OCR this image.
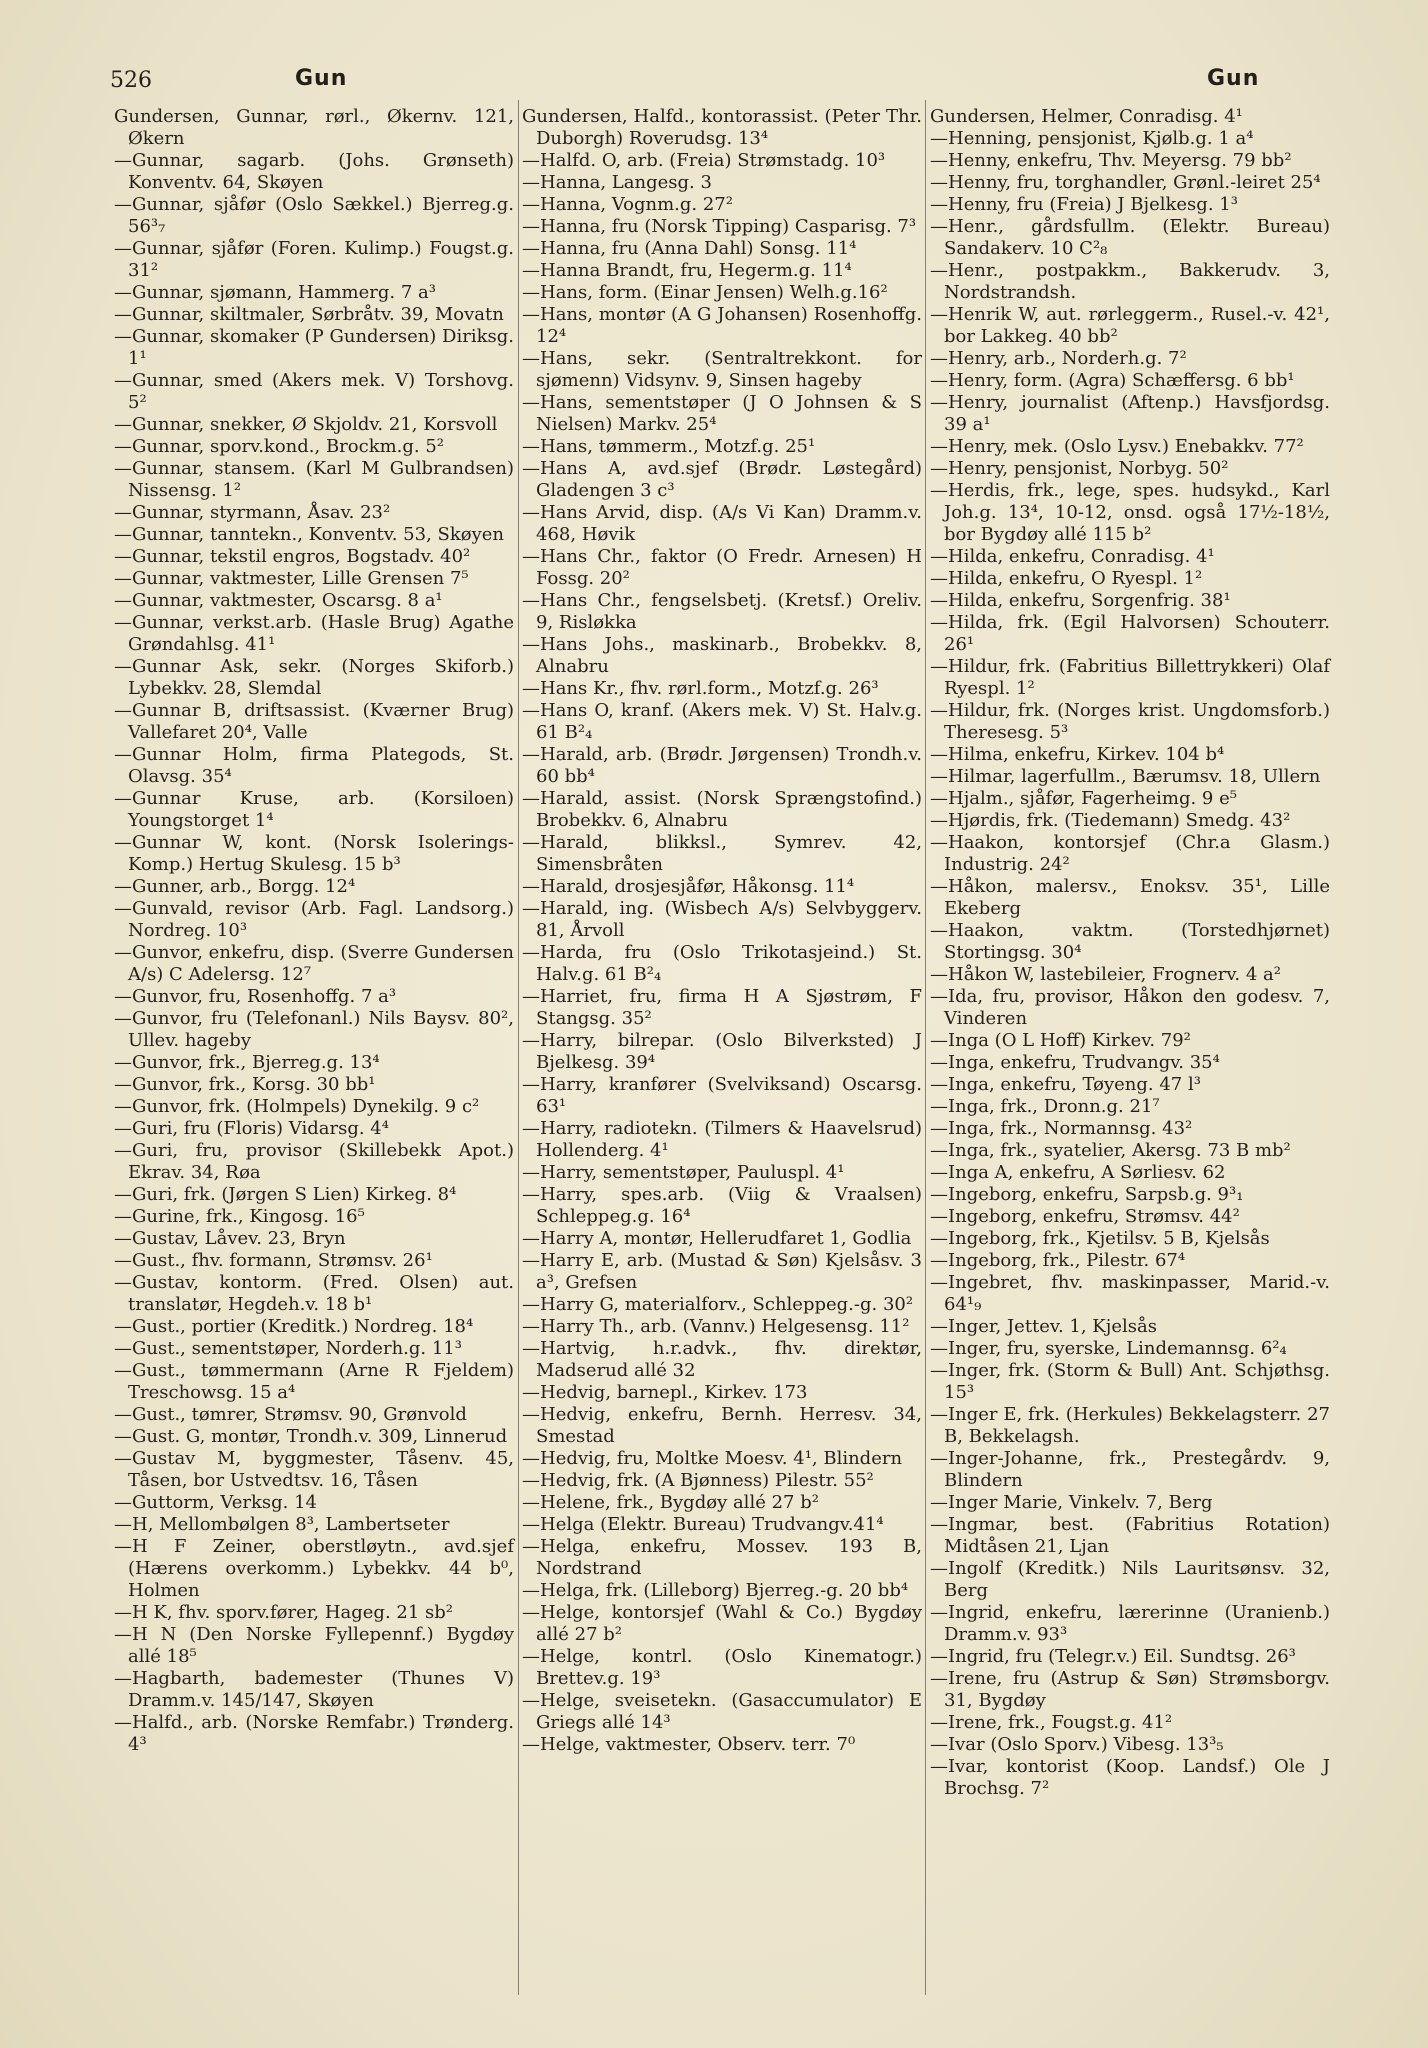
526	Gun	Gun

Gundersen, Gunnar, rørl., Økernv. 121, Økern

—Gunnar, sagarb. (Johs. Grønseth) Konventv. 64, Skøyen

—Gunnar, sjåfør (Oslo Sækkel.) Bjerreg.g. 56³₇

—Gunnar, sjåfør (Foren. Kulimp.) Fougst.g. 31²

—Gunnar, sjømann, Hammerg. 7 a³

—Gunnar, skiltmaler, Sørbråtv. 39, Movatn

—Gunnar, skomaker (P Gundersen) Diriksg. 1¹

—Gunnar, smed (Akers mek. V) Torshovg. 5²

—Gunnar, snekker, Ø Skjoldv. 21, Korsvoll

—Gunnar, sporv.kond., Brockm.g. 5²

—Gunnar, stansem. (Karl M Gulbrandsen) Nissensg. 1²

—Gunnar, styrmann, Åsav. 23²

—Gunnar, tanntekn., Konventv. 53, Skøyen

—Gunnar, tekstil engros, Bogstadv. 40²

—Gunnar, vaktmester, Lille Grensen 7⁵

—Gunnar, vaktmester, Oscarsg. 8 a¹

—Gunnar, verkst.arb. (Hasle Brug) Agathe Grøndahlsg. 41¹

—Gunnar Ask, sekr. (Norges Skiforb.) Lybekkv. 28, Slemdal

—Gunnar B, driftsassist. (Kværner Brug) Vallefaret 20⁴, Valle

—Gunnar Holm, firma Plategods, St. Olavsg. 35⁴

—Gunnar Kruse, arb. (Korsilοen) Youngstorget 1⁴

—Gunnar W, kont. (Norsk Isolerings-Komp.) Hertug Skulesg. 15 b³

—Gunner, arb., Borgg. 12⁴

—Gunvald, revisor (Arb. Fagl. Landsorg.) Nordreg. 10³

—Gunvor, enkefru, disp. (Sverre Gundersen A/s) C Adelersg. 12⁷

—Gunvor, fru, Rosenhoffg. 7 a³

—Gunvor, fru (Telefonanl.) Nils Baysv. 80², Ullev. hageby

—Gunvor, frk., Bjerreg.g. 13⁴

—Gunvor, frk., Korsg. 30 bb¹

—Gunvor, frk. (Holmpels) Dynekilg. 9 c²

—Guri, fru (Floris) Vidarsg. 4⁴

—Guri, fru, provisor (Skillebekk Apot.) Ekrav. 34, Røa

—Guri, frk. (Jørgen S Lien) Kirkeg. 8⁴

—Gurine, frk., Kingosg. 16⁵

—Gustav, Låvev. 23, Bryn

—Gust., fhv. formann, Strømsv. 26¹

—Gustav, kontorm. (Fred. Olsen) aut. translatør, Hegdeh.v. 18 b¹

—Gust., portier (Kreditk.) Nordreg. 18⁴

—Gust., sementstøper, Norderh.g. 11³

—Gust., tømmermann (Arne R Fjeldem) Treschowsg. 15 a⁴

—Gust., tømrer, Strømsv. 90, Grønvold

—Gust. G, montør, Trondh.v. 309, Linnerud

—Gustav M, byggmester, Tåsenv. 45, Tåsen, bor Ustvedtsv. 16, Tåsen

—Guttorm, Verksg. 14

—H, Mellombølgen 8³, Lambertseter

—H F Zeiner, oberstløytn., avd.sjef (Hærens overkomm.) Lybekkv. 44 b⁰, Holmen

—H K, fhv. sporv.fører, Hageg. 21 sb²

—H N (Den Norske Fyllepennf.) Bygdøy allé 18⁵

—Hagbarth, bademester (Thunes V) Dramm.v. 145/147, Skøyen

—Halfd., arb. (Norske Remfabr.) Trønderg. 4³

Gundersen, Halfd., kontorassist. (Peter Thr. Duborgh) Roverudsg. 13⁴

—Halfd. O, arb. (Freia) Strømstadg. 10³

—Hanna, Langesg. 3

—Hanna, Vognm.g. 27²

—Hanna, fru (Norsk Tipping) Casparisg. 7³

—Hanna, fru (Anna Dahl) Sonsg. 11⁴

—Hanna Brandt, fru, Hegerm.g. 11⁴

—Hans, form. (Einar Jensen) Welh.g.16²

—Hans, montør (A G Johansen) Rosenhoffg. 12⁴

—Hans, sekr. (Sentraltrekkont. for sjømenn) Vidsynv. 9, Sinsen hageby

—Hans, sementstøper (J O Johnsen & S Nielsen) Markv. 25⁴

—Hans, tømmerm., Motzf.g. 25¹

—Hans A, avd.sjef (Brødr. Løstegård) Gladengen 3 c³

—Hans Arvid, disp. (A/s Vi Kan) Dramm.v. 468, Høvik

—Hans Chr., faktor (O Fredr. Arnesen) H Fossg. 20²

—Hans Chr., fengselsbetj. (Kretsf.) Oreliv. 9, Risløkka

—Hans Johs., maskinarb., Brobekkv. 8, Alnabru

—Hans Kr., fhv. rørl.form., Motzf.g. 26³

—Hans O, kranf. (Akers mek. V) St. Halv.g. 61 B²₄

—Harald, arb. (Brødr. Jørgensen) Trondh.v. 60 bb⁴

—Harald, assist. (Norsk Sprængstofind.) Brobekkv. 6, Alnabru

—Harald, blikksl., Symrev. 42, Simensbråten

—Harald, drosjesjåfør, Håkonsg. 11⁴

—Harald, ing. (Wisbech A/s) Selvbyggerv. 81, Årvoll

—Harda, fru (Oslo Trikotasjeind.) St. Halv.g. 61 B²₄

—Harriet, fru, firma H A Sjøstrøm, F Stangsg. 35²

—Harry, bilrepar. (Oslo Bilverksted) J Bjelkesg. 39⁴

—Harry, kranfører (Svelviksand) Oscarsg. 63¹

—Harry, radiotekn. (Tilmers & Haavelsrud) Hollenderg. 4¹

—Harry, sementstøper, Pauluspl. 4¹

—Harry, spes.arb. (Viig & Vraalsen) Schleppeg.g. 16⁴

—Harry A, montør, Hellerudfaret 1, Godlia

—Harry E, arb. (Mustad & Søn) Kjelsåsv. 3 a³, Grefsen

—Harry G, materialforv., Schleppeg.-g. 30²

—Harry Th., arb. (Vannv.) Helgesensg. 11²

—Hartvig, h.r.advk., fhv. direktør, Madserud allé 32

—Hedvig, barnepl., Kirkev. 173

—Hedvig, enkefru, Bernh. Herresv. 34, Smestad

—Hedvig, fru, Moltke Moesv. 4¹, Blindern

—Hedvig, frk. (A Bjønness) Pilestr. 55²

—Helene, frk., Bygdøy allé 27 b²

—Helga (Elektr. Bureau) Trudvangv.41⁴

—Helga, enkefru, Mossev. 193 B, Nordstrand

—Helga, frk. (Lilleborg) Bjerreg.-g. 20 bb⁴

—Helge, kontorsjef (Wahl & Co.) Bygdøy allé 27 b²

—Helge, kontrl. (Oslo Kinematogr.) Brettev.g. 19³

—Helge, sveisetekn. (Gasaccumulator) E Griegs allé 14³

—Helge, vaktmester, Observ. terr. 7⁰

Gundersen, Helmer, Conradisg. 4¹

—Henning, pensjonist, Kjølb.g. 1 a⁴

—Henny, enkefru, Thv. Meyersg. 79 bb²

—Henny, fru, torghandler, Grønl.-leiret 25⁴

—Henny, fru (Freia) J Bjelkesg. 1³

—Henr., gårdsfullm. (Elektr. Bureau) Sandakerv. 10 C²₈

—Henr., postpakkm., Bakkerudv. 3, Nordstrandsh.

—Henrik W, aut. rørleggerm., Rusel.-v. 42¹, bor Lakkeg. 40 bb²

—Henry, arb., Norderh.g. 7²

—Henry, form. (Agra) Schæffersg. 6 bb¹

—Henry, journalist (Aftenp.) Havsfjordsg. 39 a¹

—Henry, mek. (Oslo Lysv.) Enebakkv. 77²

—Henry, pensjonist, Norbyg. 50²

—Herdis, frk., lege, spes. hudsykd., Karl Joh.g. 13⁴, 10-12, onsd. også 17½-18½, bor Bygdøy allé 115 b²

—Hilda, enkefru, Conradisg. 4¹

—Hilda, enkefru, O Ryespl. 1²

—Hilda, enkefru, Sorgenfrig. 38¹

—Hilda, frk. (Egil Halvorsen) Schouterr. 26¹

—Hildur, frk. (Fabritius Billettrykkeri) Olaf Ryespl. 1²

—Hildur, frk. (Norges krist. Ungdomsforb.) Theresesg. 5³

—Hilma, enkefru, Kirkev. 104 b⁴

—Hilmar, lagerfullm., Bærumsv. 18, Ullern

—Hjalm., sjåfør, Fagerheimg. 9 e⁵

—Hjørdis, frk. (Tiedemann) Smedg. 43²

—Haakon, kontorsjef (Chr.a Glasm.) Industrig. 24²

—Håkon, malersv., Enoksv. 35¹, Lille Ekeberg

—Haakon, vaktm. (Torstedhjørnet) Stortingsg. 30⁴

—Håkon W, lastebileier, Frognerv. 4 a²

—Ida, fru, provisor, Håkon den godesv. 7, Vinderen

—Inga (O L Hoff) Kirkev. 79²

—Inga, enkefru, Trudvangv. 35⁴

—Inga, enkefru, Tøyeng. 47 l³

—Inga, frk., Dronn.g. 21⁷

—Inga, frk., Normannsg. 43²

—Inga, frk., syatelier, Akersg. 73 B mb²

—Inga A, enkefru, A Sørliesv. 62

—Ingeborg, enkefru, Sarpsb.g. 9³₁

—Ingeborg, enkefru, Strømsv. 44²

—Ingeborg, frk., Kjetilsv. 5 B, Kjelsås

—Ingeborg, frk., Pilestr. 67⁴

—Ingebret, fhv. maskinpasser, Marid.-v. 64¹₉

—Inger, Jettev. 1, Kjelsås

—Inger, fru, syerske, Lindemannsg. 6²₄

—Inger, frk. (Storm & Bull) Ant. Schjøthsg. 15³

—Inger E, frk. (Herkules) Bekkelagsterr. 27 B, Bekkelagsh.

—Inger-Johanne, frk., Prestegårdv. 9, Blindern

—Inger Marie, Vinkelv. 7, Berg

—Ingmar, best. (Fabritius Rotation) Midtåsen 21, Ljan

—Ingolf (Kreditk.) Nils Lauritsønsv. 32, Berg

—Ingrid, enkefru, lærerinne (Uranienb.) Dramm.v. 93³

—Ingrid, fru (Telegr.v.) Eil. Sundtsg. 26³

—Irene, fru (Astrup & Søn) Strømsborgv. 31, Bygdøy

—Irene, frk., Fougst.g. 41²

—Ivar (Oslo Sporv.) Vibesg. 13³₅

—Ivar, kontorist (Koop. Landsf.) Ole J Brochsg. 7²
